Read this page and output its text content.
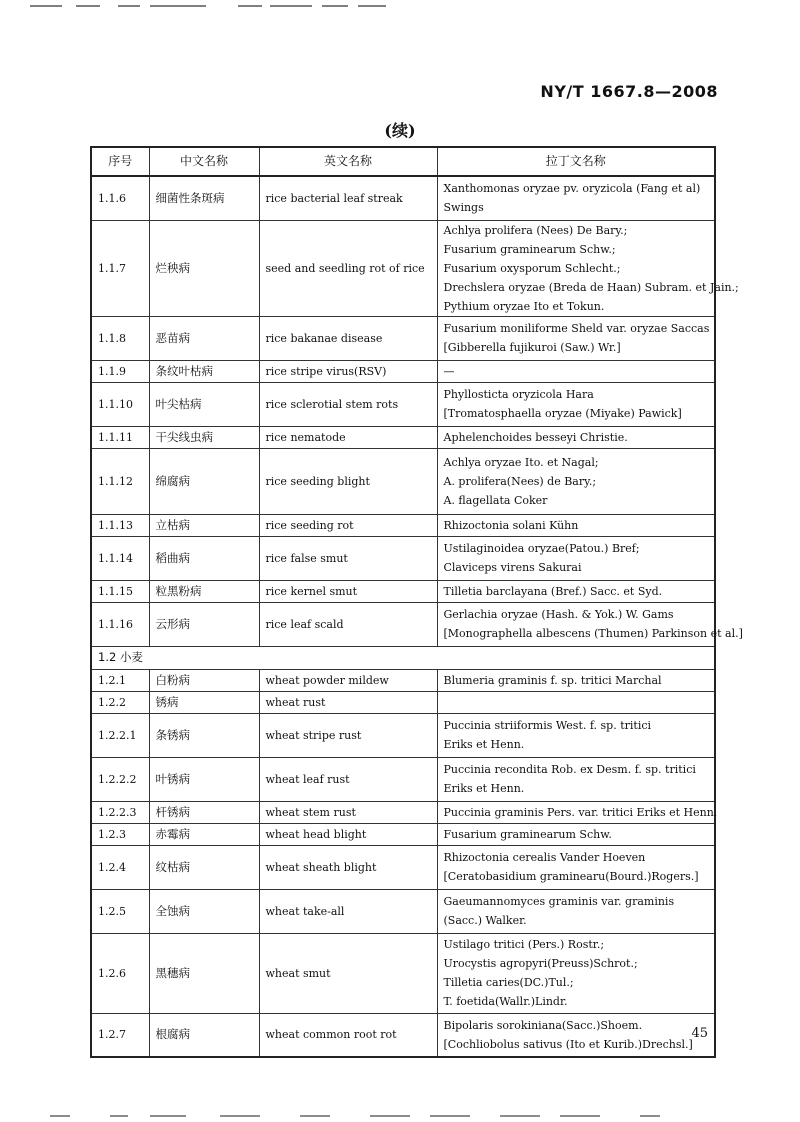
NY/T 1667.8—2008
(续)
序号	中文名称	英文名称	拉丁文名称
1.1.6	细菌性条斑病	rice bacterial leaf streak	Xanthomonas oryzae pv. oryzicola (Fang et al)
Swings

1.1.7	烂秧病	seed and seedling rot of rice	Achlya prolifera (Nees) De Bary.;
Fusarium graminearum Schw.;
Fusarium oxysporum Schlecht.;
Drechslera oryzae (Breda de Haan) Subram. et Jain.;
Pythium oryzae Ito et Tokun.

1.1.8	恶苗病	rice bakanae disease	Fusarium moniliforme Sheld var. oryzae Saccas
[Gibberella fujikuroi (Saw.) Wr.]

1.1.9	条纹叶枯病	rice stripe virus(RSV)	—

1.1.10	叶尖枯病	rice sclerotial stem rots	Phyllosticta oryzicola Hara
[Tromatosphaella oryzae (Miyake) Pawick]

1.1.11	干尖线虫病	rice nematode	Aphelenchoides besseyi Christie.

1.1.12	绵腐病	rice seeding blight	Achlya oryzae Ito. et Nagal;
A. prolifera(Nees) de Bary.;
A. flagellata Coker

1.1.13	立枯病	rice seeding rot	Rhizoctonia solani Kühn

1.1.14	稻曲病	rice false smut	Ustilaginoidea oryzae(Patou.) Bref;
Claviceps virens Sakurai

1.1.15	粒黑粉病	rice kernel smut	Tilletia barclayana (Bref.) Sacc. et Syd.

1.1.16	云形病	rice leaf scald	Gerlachia oryzae (Hash. & Yok.) W. Gams
[Monographella albescens (Thumen) Parkinson et al.]

1.2 小麦			
1.2.1	白粉病	wheat powder mildew	Blumeria graminis f. sp. tritici Marchal

1.2.2	锈病	wheat rust	

1.2.2.1	条锈病	wheat stripe rust	Puccinia striiformis West. f. sp. tritici
Eriks et Henn.

1.2.2.2	叶锈病	wheat leaf rust	Puccinia recondita Rob. ex Desm. f. sp. tritici
Eriks et Henn.

1.2.2.3	杆锈病	wheat stem rust	Puccinia graminis Pers. var. tritici Eriks et Henn.

1.2.3	赤霉病	wheat head blight	Fusarium graminearum Schw.

1.2.4	纹枯病	wheat sheath blight	Rhizoctonia cerealis Vander Hoeven
[Ceratobasidium graminearu(Bourd.)Rogers.]

1.2.5	全蚀病	wheat take-all	Gaeumannomyces graminis var. graminis
(Sacc.) Walker.

1.2.6	黑穗病	wheat smut	Ustilago tritici (Pers.) Rostr.;
Urocystis agropyri(Preuss)Schrot.;
Tilletia caries(DC.)Tul.;
T. foetida(Wallr.)Lindr.

1.2.7	根腐病	wheat common root rot	Bipolaris sorokiniana(Sacc.)Shoem.
[Cochliobolus sativus (Ito et Kurib.)Drechsl.]
45
